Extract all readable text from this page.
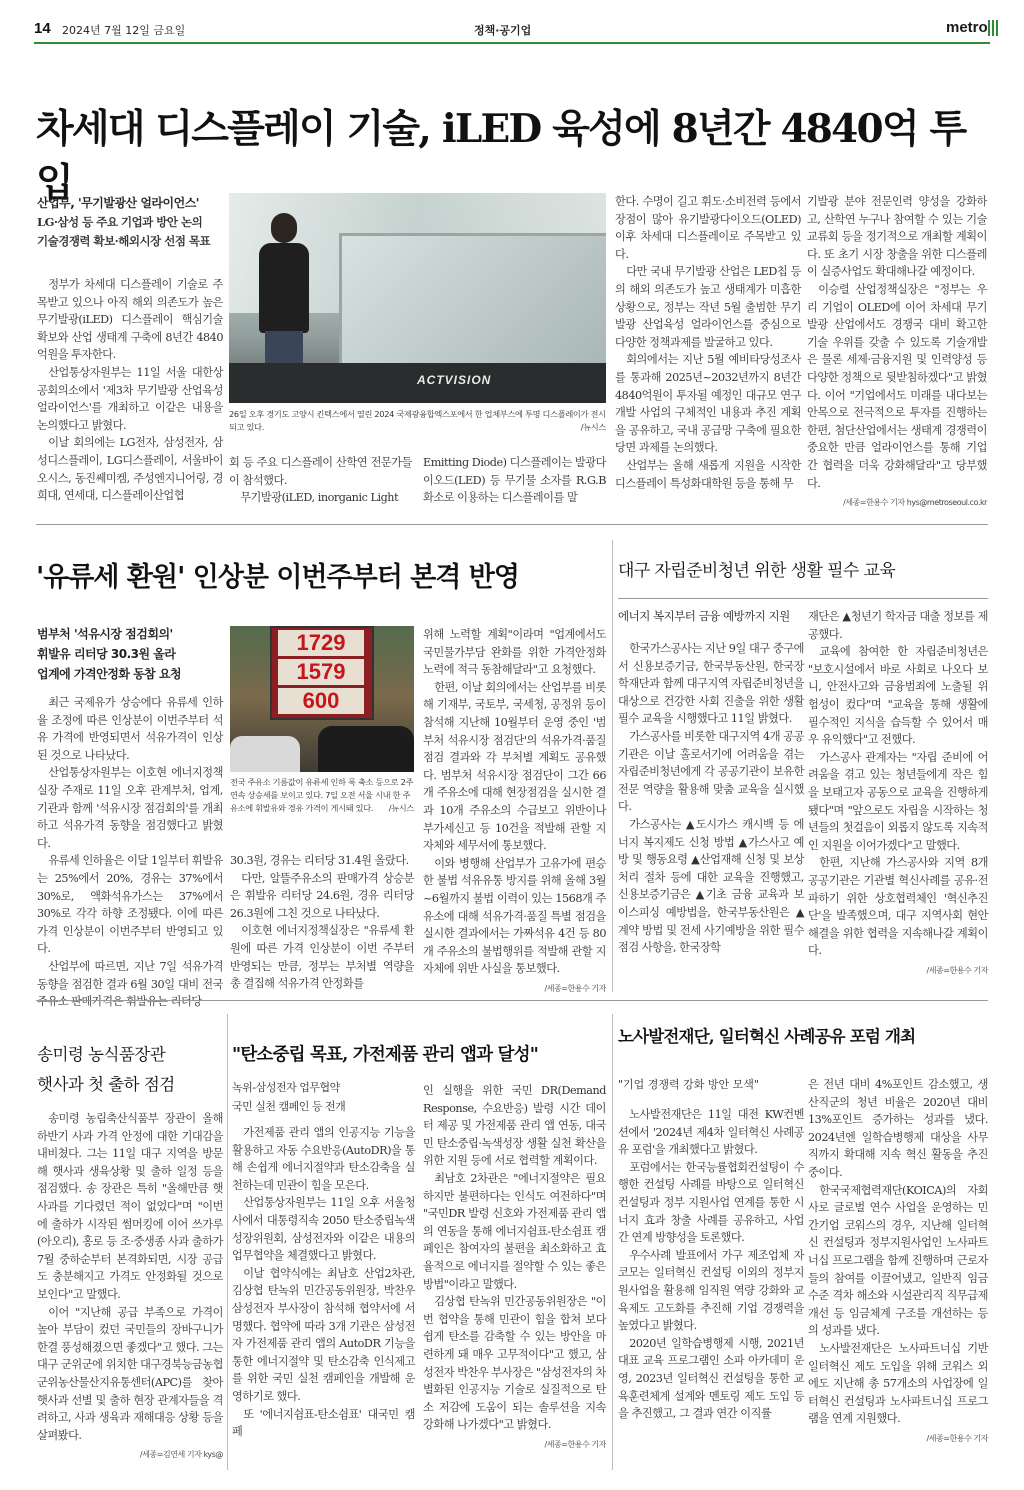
14 2024년 7월 12일 금요일	정책·공기업	metro
차세대 디스플레이 기술, iLED 육성에 8년간 4840억 투입
산업부, '무기발광산 얼라이언스'
LG·삼성 등 주요 기업과 방안 논의
기술경쟁력 확보·해외시장 선점 목표

정부가 차세대 디스플레이 기술로 주목받고 있으나 아직 해외 의존도가 높은 무기발광(iLED) 디스플레이 핵심기술 확보와 산업 생태계 구축에 8년간 4840억원을 투자한다.

산업통상자원부는 11일 서울 대한상공회의소에서 '제3차 무기발광 산업육성 얼라이언스'를 개최하고 이같은 내용을 논의했다고 밝혔다.

이날 회의에는 LG전자, 삼성전자, 삼성디스플레이, LG디스플레이, 서울바이오시스, 동진쎄미켐, 주성엔지니어링, 경희대, 연세대, 디스플레이산업협

ACTVISION
26일 오후 경기도 고양시 킨텍스에서 열린 2024 국제광융합엑스포에서 한 업체부스에 투명 디스플레이가 전시되고 있다.	/뉴시스

회 등 주요 디스플레이 산학연 전문가들이 참석했다.

무기발광(iLED, inorganic Light

Emitting Diode) 디스플레이는 발광다이오드(LED) 등 무기물 소자를 R.G.B 화소로 이용하는 디스플레이를 말

한다. 수명이 길고 휘도·소비전력 등에서 장점이 많아 유기발광다이오드(OLED) 이후 차세대 디스플레이로 주목받고 있다.

다만 국내 무기발광 산업은 LED칩 등의 해외 의존도가 높고 생태계가 미흡한 상황으로, 정부는 작년 5월 출범한 무기발광 산업육성 얼라이언스를 중심으로 다양한 정책과제를 발굴하고 있다.

회의에서는 지난 5월 예비타당성조사를 통과해 2025년~2032년까지 8년간 4840억원이 투자될 예정인 대규모 연구개발 사업의 구체적인 내용과 추진 계획을 공유하고, 국내 공급망 구축에 필요한 당면 과제를 논의했다.

산업부는 올해 새롭게 지원을 시작한 디스플레이 특성화대학원 등을 통해 무

기발광 분야 전문인력 양성을 강화하고, 산학연 누구나 참여할 수 있는 기술교류회 등을 정기적으로 개최할 계획이다. 또 초기 시장 창출을 위한 디스플레이 실증사업도 확대해나갈 예정이다.

이승렬 산업정책실장은 "정부는 우리 기업이 OLED에 이어 차세대 무기발광 산업에서도 경쟁국 대비 확고한 기술 우위를 갖출 수 있도록 기술개발은 물론 세제·금융지원 및 인력양성 등 다양한 정책으로 뒷받침하겠다"고 밝혔다. 이어 "기업에서도 미래를 내다보는 안목으로 전극적으로 투자를 진행하는 한편, 첨단산업에서는 생태계 경쟁력이 중요한 만큼 얼라이언스를 통해 기업 간 협력을 더욱 강화해달라"고 당부했다.

/세종=한용수 기자 hys@metroseoul.co.kr
'유류세 환원' 인상분 이번주부터 본격 반영
범부처 '석유시장 점검회의'
휘발유 리터당 30.3원 올라
업계에 가격안정화 동참 요청

최근 국제유가 상승에다 유류세 인하율 조정에 따른 인상분이 이번주부터 석유 가격에 반영되면서 석유가격이 인상된 것으로 나타났다.

산업통상자원부는 이호현 에너지정책실장 주재로 11일 오후 관계부처, 업계, 기관과 함께 '석유시장 점검회의'를 개최하고 석유가격 동향을 점검했다고 밝혔다.

유류세 인하율은 이달 1일부터 휘발유는 25%에서 20%, 경유는 37%에서 30%로, 액화석유가스는 37%에서 30%로 각각 하향 조정됐다. 이에 따른 가격 인상분이 이번주부터 반영되고 있다.

산업부에 따르면, 지난 7일 석유가격 동향을 점검한 결과 6월 30일 대비 전국 주유소 판매가격은 휘발유는 리터당

1729
1579
600
전국 주유소 기름값이 유류세 인하 폭 축소 등으로 2주 연속 상승세를 보이고 있다. 7일 오전 서울 시내 한 주유소에 휘발유와 경유 가격이 게시돼 있다. /뉴시스

30.3원, 경유는 리터당 31.4원 올랐다.

다만, 알뜰주유소의 판매가격 상승분은 휘발유 리터당 24.6원, 경유 리터당 26.3원에 그친 것으로 나타났다.

이호현 에너지정책실장은 "유류세 환원에 따른 가격 인상분이 이번 주부터 반영되는 만큼, 정부는 부처별 역량을 총 결집해 석유가격 안정화를

위해 노력할 계획"이라며 "업계에서도 국민물가부담 완화를 위한 가격안정화 노력에 적극 동참해달라"고 요청했다.

한편, 이날 회의에서는 산업부를 비롯해 기재부, 국토부, 국세청, 공정위 등이 참석해 지난해 10월부터 운영 중인 '범부처 석유시장 점검단'의 석유가격·품질 점검 결과와 각 부처별 계획도 공유했다. 범부처 석유시장 점검단이 그간 66개 주유소에 대해 현장점검을 실시한 결과 10개 주유소의 수급보고 위반이나 부가세신고 등 10건을 적발해 관할 지자체와 세무서에 통보했다.

이와 병행해 산업부가 고유가에 편승한 불법 석유유통 방지를 위해 올해 3월~6월까지 불법 이력이 있는 1568개 주유소에 대해 석유가격·품질 특별 점검을 실시한 결과에서는 가짜석유 4건 등 80개 주유소의 불법행위를 적발해 관할 지자체에 위반 사실을 통보했다.

/세종=한용수 기자
대구 자립준비청년 위한 생활 필수 교육
에너지 복지부터 금융 예방까지 지원

한국가스공사는 지난 9일 대구 중구에서 신용보증기금, 한국부동산원, 한국장학재단과 함께 대구지역 자립준비청년을 대상으로 건강한 사회 진출을 위한 생활 필수 교육을 시행했다고 11일 밝혔다.

가스공사를 비롯한 대구지역 4개 공공기관은 이날 홀로서기에 어려움을 겪는 자립준비청년에게 각 공공기관이 보유한 전문 역량을 활용해 맞춤 교육을 실시했다.

가스공사는 ▲도시가스 캐시백 등 에너지 복지제도 신청 방법 ▲가스사고 예방 및 행동요령 ▲산업재해 신청 및 보상 처리 절차 등에 대한 교육을 진행했고, 신용보증기금은 ▲기초 금융 교육과 보이스피싱 예방법을, 한국부동산원은 ▲계약 방법 및 전세 사기예방을 위한 필수점검 사항을, 한국장학

재단은 ▲청년기 학자금 대출 정보를 제공했다.

교육에 참여한 한 자립준비청년은 "보호시설에서 바로 사회로 나오다 보니, 안전사고와 금융범죄에 노출될 위험성이 컸다"며 "교육을 통해 생활에 필수적인 지식을 습득할 수 있어서 매우 유익했다"고 전했다.

가스공사 관계자는 "자립 준비에 어려움을 겪고 있는 청년들에게 작은 힘을 보태고자 공동으로 교육을 진행하게 됐다"며 "앞으로도 자립을 시작하는 청년들의 첫걸음이 외롭지 않도록 지속적인 지원을 이어가겠다"고 말했다.

한편, 지난해 가스공사와 지역 8개 공공기관은 기관별 혁신사례를 공유·전파하기 위한 상호협력체인 '혁신추진단'을 발족했으며, 대구 지역사회 현안 해결을 위한 협력을 지속해나갈 계획이다.

/세종=한용수 기자
송미령 농식품장관
햇사과 첫 출하 점검

송미령 농림축산식품부 장관이 올해 하반기 사과 가격 안정에 대한 기대감을 내비쳤다. 그는 11일 대구 지역을 방문해 햇사과 생육상황 및 출하 일정 등을 점검했다. 송 장관은 특히 "올해만큼 햇사과를 기다렸던 적이 없었다"며 "이번에 출하가 시작된 썸머킹에 이어 쓰가루(아오리), 홍로 등 조·중생종 사과 출하가 7월 중하순부터 본격화되면, 시장 공급도 충분해지고 가격도 안정화될 것으로 보인다"고 말했다.

이어 "지난해 공급 부족으로 가격이 높아 부담이 컸던 국민들의 장바구니가 한결 풍성해졌으면 좋겠다"고 했다. 그는 대구 군위군에 위치한 대구경북능금농협 군위농산물산지유통센터(APC)를 찾아 햇사과 선별 및 출하 현장 관계자들을 격려하고, 사과 생육과 재해대응 상황 등을 살펴봤다.

/세종=김연세 기자 kys@
"탄소중립 목표, 가전제품 관리 앱과 달성"
녹위-삼성전자 업무협약
국민 실천 캠페인 등 전개

가전제품 관리 앱의 인공지능 기능을 활용하고 자동 수요반응(AutoDR)을 통해 손쉽게 에너지절약과 탄소감축을 실천하는데 민관이 힘을 모은다.

산업통상자원부는 11일 오후 서울청사에서 대통령직속 2050 탄소중립녹색성장위원회, 삼성전자와 이같은 내용의 업무협약을 체결했다고 밝혔다.

이날 협약식에는 최남호 산업2차관, 김상협 탄녹위 민간공동위원장, 박찬우 삼성전자 부사장이 참석해 협약서에 서명했다. 협약에 따라 3개 기관은 삼성전자 가전제품 관리 앱의 AutoDR 기능을 통한 에너지절약 및 탄소감축 인식제고를 위한 국민 실천 캠페인을 개발해 운영하기로 했다.

또 '에너지쉼표-탄소쉼표' 대국민 캠페

인 실행을 위한 국민 DR(Demand Response, 수요반응) 발령 시간 데이터 제공 및 가전제품 관리 앱 연동, 대국민 탄소중립·녹색성장 생활 실천 확산을 위한 지원 등에 서로 협력할 계획이다.

최남호 2차관은 "에너지절약은 필요하지만 불편하다는 인식도 여전하다"며 "국민DR 발령 신호와 가전제품 관리 앱의 연동을 통해 에너지쉼표-탄소쉼표 캠페인은 참여자의 불편을 최소화하고 효율적으로 에너지를 절약할 수 있는 좋은 방법"이라고 말했다.

김상협 탄녹위 민간공동위원장은 "이번 협약을 통해 민관이 힘을 합쳐 보다 쉽게 탄소를 감축할 수 있는 방안을 마련하게 돼 매우 고무적이다"고 했고, 삼성전자 박찬우 부사장은 "삼성전자의 차별화된 인공지능 기술로 실질적으로 탄소 저감에 도움이 되는 솔루션을 지속 강화해 나가겠다"고 밝혔다.

/세종=한용수 기자
노사발전재단, 일터혁신 사례공유 포럼 개최
"기업 경쟁력 강화 방안 모색"

노사발전재단은 11일 대전 KW컨벤션에서 '2024년 제4차 일터혁신 사례공유 포럼'을 개최했다고 밝혔다.

포럼에서는 한국능률협회컨설팅이 수행한 컨설팅 사례를 바탕으로 일터혁신 컨설팅과 정부 지원사업 연계를 통한 시너지 효과 창출 사례를 공유하고, 사업 간 연계 방향성을 토론했다.

우수사례 발표에서 가구 제조업체 자코모는 일터혁신 컨설팅 이외의 정부지원사업을 활용해 임직원 역량 강화와 교육제도 고도화를 추진해 기업 경쟁력을 높였다고 밝혔다.

2020년 일학습병행제 시행, 2021년 대표 교육 프로그램인 소파 아카데미 운영, 2023년 일터혁신 컨설팅을 통한 교육훈련체계 설계와 멘토링 제도 도입 등을 추진했고, 그 결과 연간 이직률

은 전년 대비 4%포인트 감소했고, 생산직군의 청년 비율은 2020년 대비 13%포인트 증가하는 성과를 냈다. 2024년엔 일학습병행제 대상을 사무직까지 확대해 지속 혁신 활동을 추진중이다.

한국국제협력재단(KOICA)의 자회사로 글로벌 연수 사업을 운영하는 민간기업 코워스의 경우, 지난해 일터혁신 컨설팅과 정부지원사업인 노사파트너십 프로그램을 함께 진행하며 근로자들의 참여를 이끌어냈고, 일반직 임금 수준 격차 해소와 시설관리직 직무급제 개선 등 임금체계 구조를 개선하는 등의 성과를 냈다.

노사발전재단은 노사파트너십 기반 일터혁신 제도 도입을 위해 코워스 외에도 지난해 총 57개소의 사업장에 일터혁신 컨설팅과 노사파트너십 프로그램을 연계 지원했다.

/세종=한용수 기자
